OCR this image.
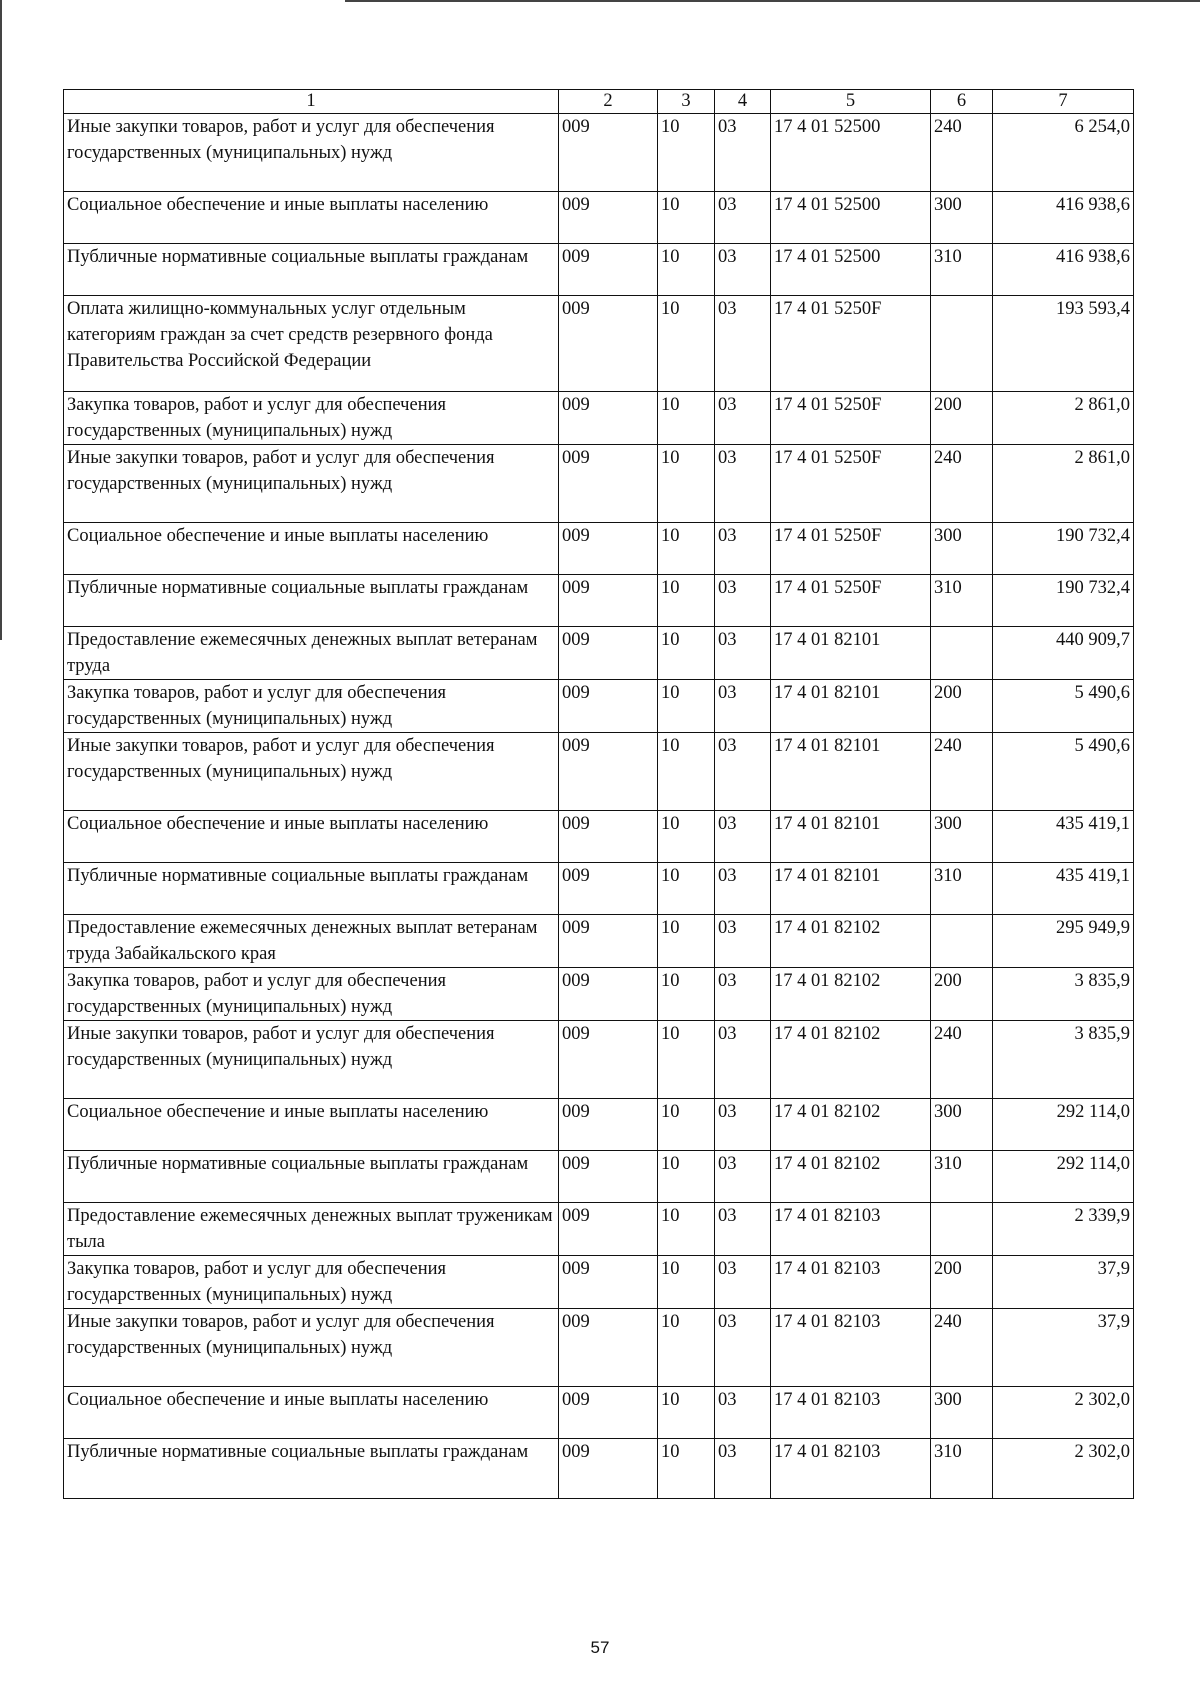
1	2	3	4	5	6	7
Иные закупки товаров, работ и услуг для обеспечения государственных (муниципальных) нужд	009	10	03	17 4 01 52500	240	6 254,0
Социальное обеспечение и иные выплаты населению	009	10	03	17 4 01 52500	300	416 938,6
Публичные нормативные социальные выплаты гражданам	009	10	03	17 4 01 52500	310	416 938,6
Оплата жилищно-коммунальных услуг отдельным категориям граждан за счет средств резервного фонда Правительства Российской Федерации	009	10	03	17 4 01 5250F		193 593,4
Закупка товаров, работ и услуг для обеспечения государственных (муниципальных) нужд	009	10	03	17 4 01 5250F	200	2 861,0
Иные закупки товаров, работ и услуг для обеспечения государственных (муниципальных) нужд	009	10	03	17 4 01 5250F	240	2 861,0
Социальное обеспечение и иные выплаты населению	009	10	03	17 4 01 5250F	300	190 732,4
Публичные нормативные социальные выплаты гражданам	009	10	03	17 4 01 5250F	310	190 732,4
Предоставление ежемесячных денежных выплат ветеранам труда	009	10	03	17 4 01 82101		440 909,7
Закупка товаров, работ и услуг для обеспечения государственных (муниципальных) нужд	009	10	03	17 4 01 82101	200	5 490,6
Иные закупки товаров, работ и услуг для обеспечения государственных (муниципальных) нужд	009	10	03	17 4 01 82101	240	5 490,6
Социальное обеспечение и иные выплаты населению	009	10	03	17 4 01 82101	300	435 419,1
Публичные нормативные социальные выплаты гражданам	009	10	03	17 4 01 82101	310	435 419,1
Предоставление ежемесячных денежных выплат ветеранам труда Забайкальского края	009	10	03	17 4 01 82102		295 949,9
Закупка товаров, работ и услуг для обеспечения государственных (муниципальных) нужд	009	10	03	17 4 01 82102	200	3 835,9
Иные закупки товаров, работ и услуг для обеспечения государственных (муниципальных) нужд	009	10	03	17 4 01 82102	240	3 835,9
Социальное обеспечение и иные выплаты населению	009	10	03	17 4 01 82102	300	292 114,0
Публичные нормативные социальные выплаты гражданам	009	10	03	17 4 01 82102	310	292 114,0
Предоставление ежемесячных денежных выплат труженикам тыла	009	10	03	17 4 01 82103		2 339,9
Закупка товаров, работ и услуг для обеспечения государственных (муниципальных) нужд	009	10	03	17 4 01 82103	200	37,9
Иные закупки товаров, работ и услуг для обеспечения государственных (муниципальных) нужд	009	10	03	17 4 01 82103	240	37,9
Социальное обеспечение и иные выплаты населению	009	10	03	17 4 01 82103	300	2 302,0
Публичные нормативные социальные выплаты гражданам	009	10	03	17 4 01 82103	310	2 302,0
57
